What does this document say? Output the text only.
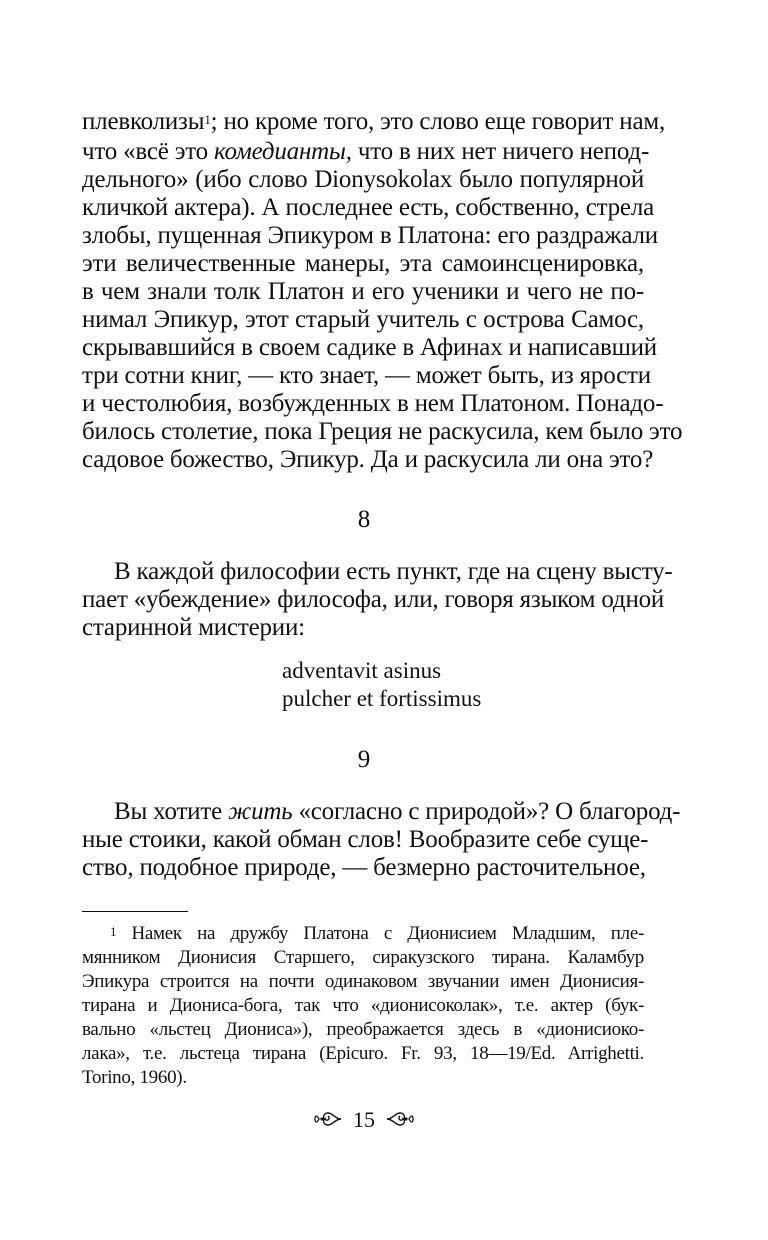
плевколизы$^1$; но кроме того, это слово еще говорит нам,
что «всё это комедианты, что в них нет ничего непод-
дельного» (ибо слово Dionysokolax было популярной
кличкой актера). А последнее есть, собственно, стрела
злобы, пущенная Эпикуром в Платона: его раздражали
эти величественные манеры, эта самоинсценировка,
в чем знали толк Платон и его ученики и чего не по-
нимал Эпикур, этот старый учитель с острова Самос,
скрывавшийся в своем садике в Афинах и написавший
три сотни книг, — кто знает, — может быть, из ярости
и честолюбия, возбужденных в нем Платоном. Понадо-
билось столетие, пока Греция не раскусила, кем было это
садовое божество, Эпикур. Да и раскусила ли она это?
8
В каждой философии есть пункт, где на сцену высту-
пает «убеждение» философа, или, говоря языком одной
старинной мистерии:
adventavit asinus
pulcher et fortissimus
9
Вы хотите жить «согласно с природой»? О благород-
ные стоики, какой обман слов! Вообразите себе суще-
ство, подобное природе, — безмерно расточительное,
$^1$ Намек на дружбу Платона с Дионисием Младшим, пле-
мянником Дионисия Старшего, сиракузского тирана. Каламбур
Эпикура строится на почти одинаковом звучании имен Дионисия-
тирана и Диониса-бога, так что «дионисоколак», т.е. актер (бук-
вально «льстец Диониса»), преображается здесь в «дионисиоко-
лака», т.е. льстеца тирана (Epicuro. Fr. 93, 18—19/Ed. Arrighetti.
Torino, 1960).
15
